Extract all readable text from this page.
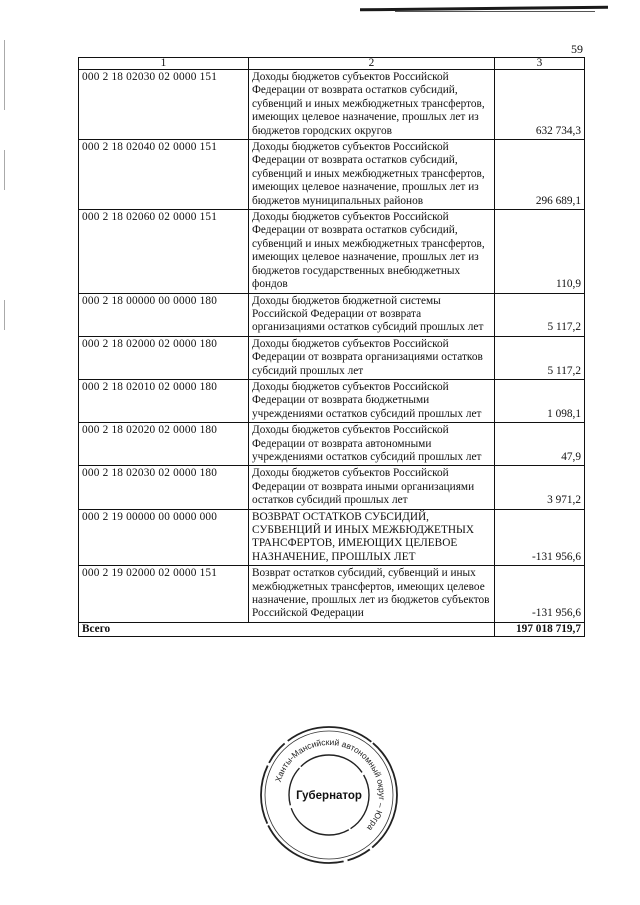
59
1	2	3
000 2 18 02030 02 0000 151	Доходы бюджетов субъектов Российской Федерации от возврата остатков субсидий, субвенций и иных межбюджетных трансфертов, имеющих целевое назначение, прошлых лет из бюджетов городских округов	632 734,3
000 2 18 02040 02 0000 151	Доходы бюджетов субъектов Российской Федерации от возврата остатков субсидий, субвенций и иных межбюджетных трансфертов, имеющих целевое назначение, прошлых лет из бюджетов муниципальных районов	296 689,1
000 2 18 02060 02 0000 151	Доходы бюджетов субъектов Российской Федерации от возврата остатков субсидий, субвенций и иных межбюджетных трансфертов, имеющих целевое назначение, прошлых лет из бюджетов государственных внебюджетных фондов	110,9
000 2 18 00000 00 0000 180	Доходы бюджетов бюджетной системы Российской Федерации от возврата организациями остатков субсидий прошлых лет	5 117,2
000 2 18 02000 02 0000 180	Доходы бюджетов субъектов Российской Федерации от возврата организациями остатков субсидий прошлых лет	5 117,2
000 2 18 02010 02 0000 180	Доходы бюджетов субъектов Российской Федерации от возврата бюджетными учреждениями остатков субсидий прошлых лет	1 098,1
000 2 18 02020 02 0000 180	Доходы бюджетов субъектов Российской Федерации от возврата автономными учреждениями остатков субсидий прошлых лет	47,9
000 2 18 02030 02 0000 180	Доходы бюджетов субъектов Российской Федерации от возврата иными организациями остатков субсидий прошлых лет	3 971,2
000 2 19 00000 00 0000 000	ВОЗВРАТ ОСТАТКОВ СУБСИДИЙ, СУБВЕНЦИЙ И ИНЫХ МЕЖБЮДЖЕТНЫХ ТРАНСФЕРТОВ, ИМЕЮЩИХ ЦЕЛЕВОЕ НАЗНАЧЕНИЕ, ПРОШЛЫХ ЛЕТ	-131 956,6
000 2 19 02000 02 0000 151	Возврат остатков субсидий, субвенций и иных межбюджетных трансфертов, имеющих целевое назначение, прошлых лет из бюджетов субъектов Российской Федерации	-131 956,6
Всего		197 018 719,7
Ханты-Мансийский автономный округ – Югра
Губернатор
